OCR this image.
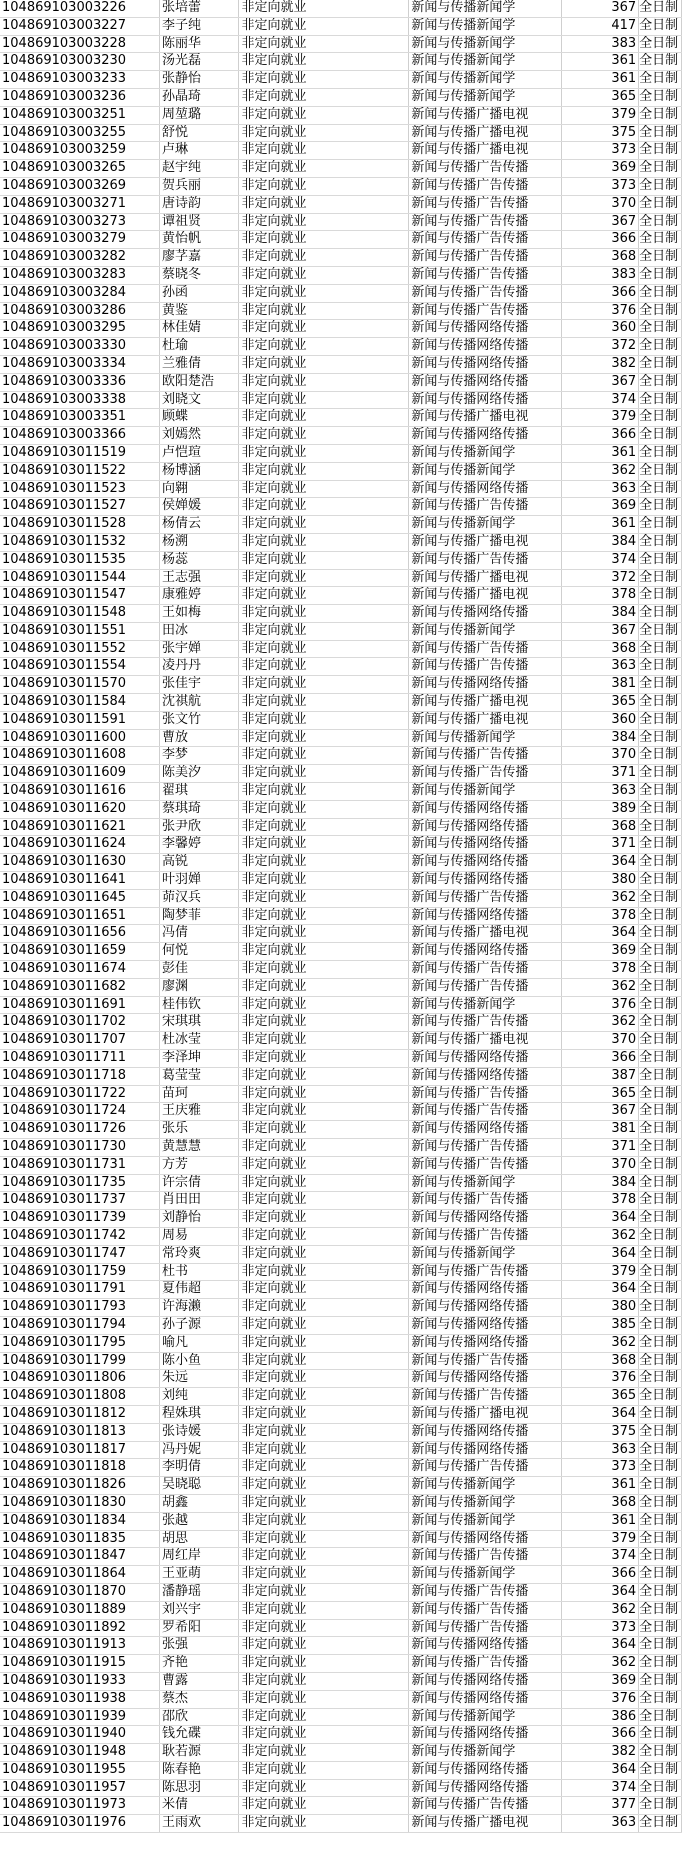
104869103003226	张培蕾	非定向就业	新闻与传播新闻学	367	全日制
104869103003227	李子纯	非定向就业	新闻与传播新闻学	417	全日制
104869103003228	陈丽华	非定向就业	新闻与传播新闻学	383	全日制
104869103003230	汤光磊	非定向就业	新闻与传播新闻学	361	全日制
104869103003233	张静怡	非定向就业	新闻与传播新闻学	361	全日制
104869103003236	孙晶琦	非定向就业	新闻与传播新闻学	365	全日制
104869103003251	周堃璐	非定向就业	新闻与传播广播电视	379	全日制
104869103003255	舒悦	非定向就业	新闻与传播广播电视	375	全日制
104869103003259	卢琳	非定向就业	新闻与传播广播电视	373	全日制
104869103003265	赵宇纯	非定向就业	新闻与传播广告传播	369	全日制
104869103003269	贺兵丽	非定向就业	新闻与传播广告传播	373	全日制
104869103003271	唐诗韵	非定向就业	新闻与传播广告传播	370	全日制
104869103003273	谭祖贤	非定向就业	新闻与传播广告传播	367	全日制
104869103003279	黄怡帆	非定向就业	新闻与传播广告传播	366	全日制
104869103003282	廖芓嘉	非定向就业	新闻与传播广告传播	368	全日制
104869103003283	蔡晓冬	非定向就业	新闻与传播广告传播	383	全日制
104869103003284	孙函	非定向就业	新闻与传播广告传播	366	全日制
104869103003286	黄鉴	非定向就业	新闻与传播广告传播	376	全日制
104869103003295	林佳婧	非定向就业	新闻与传播网络传播	360	全日制
104869103003330	杜瑜	非定向就业	新闻与传播网络传播	372	全日制
104869103003334	兰雅倩	非定向就业	新闻与传播网络传播	382	全日制
104869103003336	欧阳楚浩	非定向就业	新闻与传播网络传播	367	全日制
104869103003338	刘晓文	非定向就业	新闻与传播网络传播	374	全日制
104869103003351	顾蝶	非定向就业	新闻与传播广播电视	379	全日制
104869103003366	刘嫣然	非定向就业	新闻与传播网络传播	366	全日制
104869103011519	卢恺瑄	非定向就业	新闻与传播新闻学	361	全日制
104869103011522	杨博涵	非定向就业	新闻与传播新闻学	362	全日制
104869103011523	向翱	非定向就业	新闻与传播网络传播	363	全日制
104869103011527	侯婵媛	非定向就业	新闻与传播广告传播	369	全日制
104869103011528	杨倩云	非定向就业	新闻与传播新闻学	361	全日制
104869103011532	杨溯	非定向就业	新闻与传播广播电视	384	全日制
104869103011535	杨蕊	非定向就业	新闻与传播广告传播	374	全日制
104869103011544	王志强	非定向就业	新闻与传播广播电视	372	全日制
104869103011547	康雅婷	非定向就业	新闻与传播广播电视	378	全日制
104869103011548	王如梅	非定向就业	新闻与传播网络传播	384	全日制
104869103011551	田冰	非定向就业	新闻与传播新闻学	367	全日制
104869103011552	张宇婵	非定向就业	新闻与传播广告传播	368	全日制
104869103011554	凌丹丹	非定向就业	新闻与传播广告传播	363	全日制
104869103011570	张佳宇	非定向就业	新闻与传播网络传播	381	全日制
104869103011584	沈祺航	非定向就业	新闻与传播广播电视	365	全日制
104869103011591	张文竹	非定向就业	新闻与传播广播电视	360	全日制
104869103011600	曹放	非定向就业	新闻与传播新闻学	384	全日制
104869103011608	李梦	非定向就业	新闻与传播广告传播	370	全日制
104869103011609	陈美汐	非定向就业	新闻与传播广告传播	371	全日制
104869103011616	翟琪	非定向就业	新闻与传播新闻学	363	全日制
104869103011620	蔡琪琦	非定向就业	新闻与传播网络传播	389	全日制
104869103011621	张尹欣	非定向就业	新闻与传播网络传播	368	全日制
104869103011624	李馨婷	非定向就业	新闻与传播网络传播	371	全日制
104869103011630	高锐	非定向就业	新闻与传播网络传播	364	全日制
104869103011641	叶羽婵	非定向就业	新闻与传播网络传播	380	全日制
104869103011645	茆汉兵	非定向就业	新闻与传播广告传播	362	全日制
104869103011651	陶梦菲	非定向就业	新闻与传播网络传播	378	全日制
104869103011656	冯倩	非定向就业	新闻与传播广播电视	364	全日制
104869103011659	何悦	非定向就业	新闻与传播网络传播	369	全日制
104869103011674	彭佳	非定向就业	新闻与传播广告传播	378	全日制
104869103011682	廖渊	非定向就业	新闻与传播广告传播	362	全日制
104869103011691	桂伟钦	非定向就业	新闻与传播新闻学	376	全日制
104869103011702	宋琪琪	非定向就业	新闻与传播广告传播	362	全日制
104869103011707	杜冰莹	非定向就业	新闻与传播广播电视	370	全日制
104869103011711	李泽坤	非定向就业	新闻与传播网络传播	366	全日制
104869103011718	葛莹莹	非定向就业	新闻与传播网络传播	387	全日制
104869103011722	苗珂	非定向就业	新闻与传播广告传播	365	全日制
104869103011724	王庆雅	非定向就业	新闻与传播广告传播	367	全日制
104869103011726	张乐	非定向就业	新闻与传播网络传播	381	全日制
104869103011730	黄慧慧	非定向就业	新闻与传播广告传播	371	全日制
104869103011731	方芳	非定向就业	新闻与传播广告传播	370	全日制
104869103011735	许宗倩	非定向就业	新闻与传播新闻学	384	全日制
104869103011737	肖田田	非定向就业	新闻与传播广告传播	378	全日制
104869103011739	刘静怡	非定向就业	新闻与传播网络传播	364	全日制
104869103011742	周易	非定向就业	新闻与传播广告传播	362	全日制
104869103011747	常玲爽	非定向就业	新闻与传播新闻学	364	全日制
104869103011759	杜书	非定向就业	新闻与传播广告传播	379	全日制
104869103011791	夏伟超	非定向就业	新闻与传播网络传播	364	全日制
104869103011793	许海濑	非定向就业	新闻与传播网络传播	380	全日制
104869103011794	孙子源	非定向就业	新闻与传播网络传播	385	全日制
104869103011795	喻凡	非定向就业	新闻与传播网络传播	362	全日制
104869103011799	陈小鱼	非定向就业	新闻与传播广告传播	368	全日制
104869103011806	朱远	非定向就业	新闻与传播网络传播	376	全日制
104869103011808	刘纯	非定向就业	新闻与传播广告传播	365	全日制
104869103011812	程姝琪	非定向就业	新闻与传播广播电视	364	全日制
104869103011813	张诗媛	非定向就业	新闻与传播网络传播	375	全日制
104869103011817	冯丹妮	非定向就业	新闻与传播网络传播	363	全日制
104869103011818	李明倩	非定向就业	新闻与传播广告传播	373	全日制
104869103011826	吴晓聪	非定向就业	新闻与传播新闻学	361	全日制
104869103011830	胡鑫	非定向就业	新闻与传播新闻学	368	全日制
104869103011834	张越	非定向就业	新闻与传播新闻学	361	全日制
104869103011835	胡思	非定向就业	新闻与传播网络传播	379	全日制
104869103011847	周红岸	非定向就业	新闻与传播广告传播	374	全日制
104869103011864	王亚萌	非定向就业	新闻与传播新闻学	366	全日制
104869103011870	潘静瑶	非定向就业	新闻与传播广告传播	364	全日制
104869103011889	刘兴宇	非定向就业	新闻与传播广告传播	362	全日制
104869103011892	罗希阳	非定向就业	新闻与传播广告传播	373	全日制
104869103011913	张强	非定向就业	新闻与传播网络传播	364	全日制
104869103011915	齐艳	非定向就业	新闻与传播广告传播	362	全日制
104869103011933	曹露	非定向就业	新闻与传播网络传播	369	全日制
104869103011938	蔡杰	非定向就业	新闻与传播网络传播	376	全日制
104869103011939	邵欣	非定向就业	新闻与传播新闻学	386	全日制
104869103011940	钱允碟	非定向就业	新闻与传播网络传播	366	全日制
104869103011948	耿若源	非定向就业	新闻与传播新闻学	382	全日制
104869103011955	陈春艳	非定向就业	新闻与传播网络传播	364	全日制
104869103011957	陈思羽	非定向就业	新闻与传播网络传播	374	全日制
104869103011973	米倩	非定向就业	新闻与传播广告传播	377	全日制
104869103011976	王雨欢	非定向就业	新闻与传播广播电视	363	全日制
